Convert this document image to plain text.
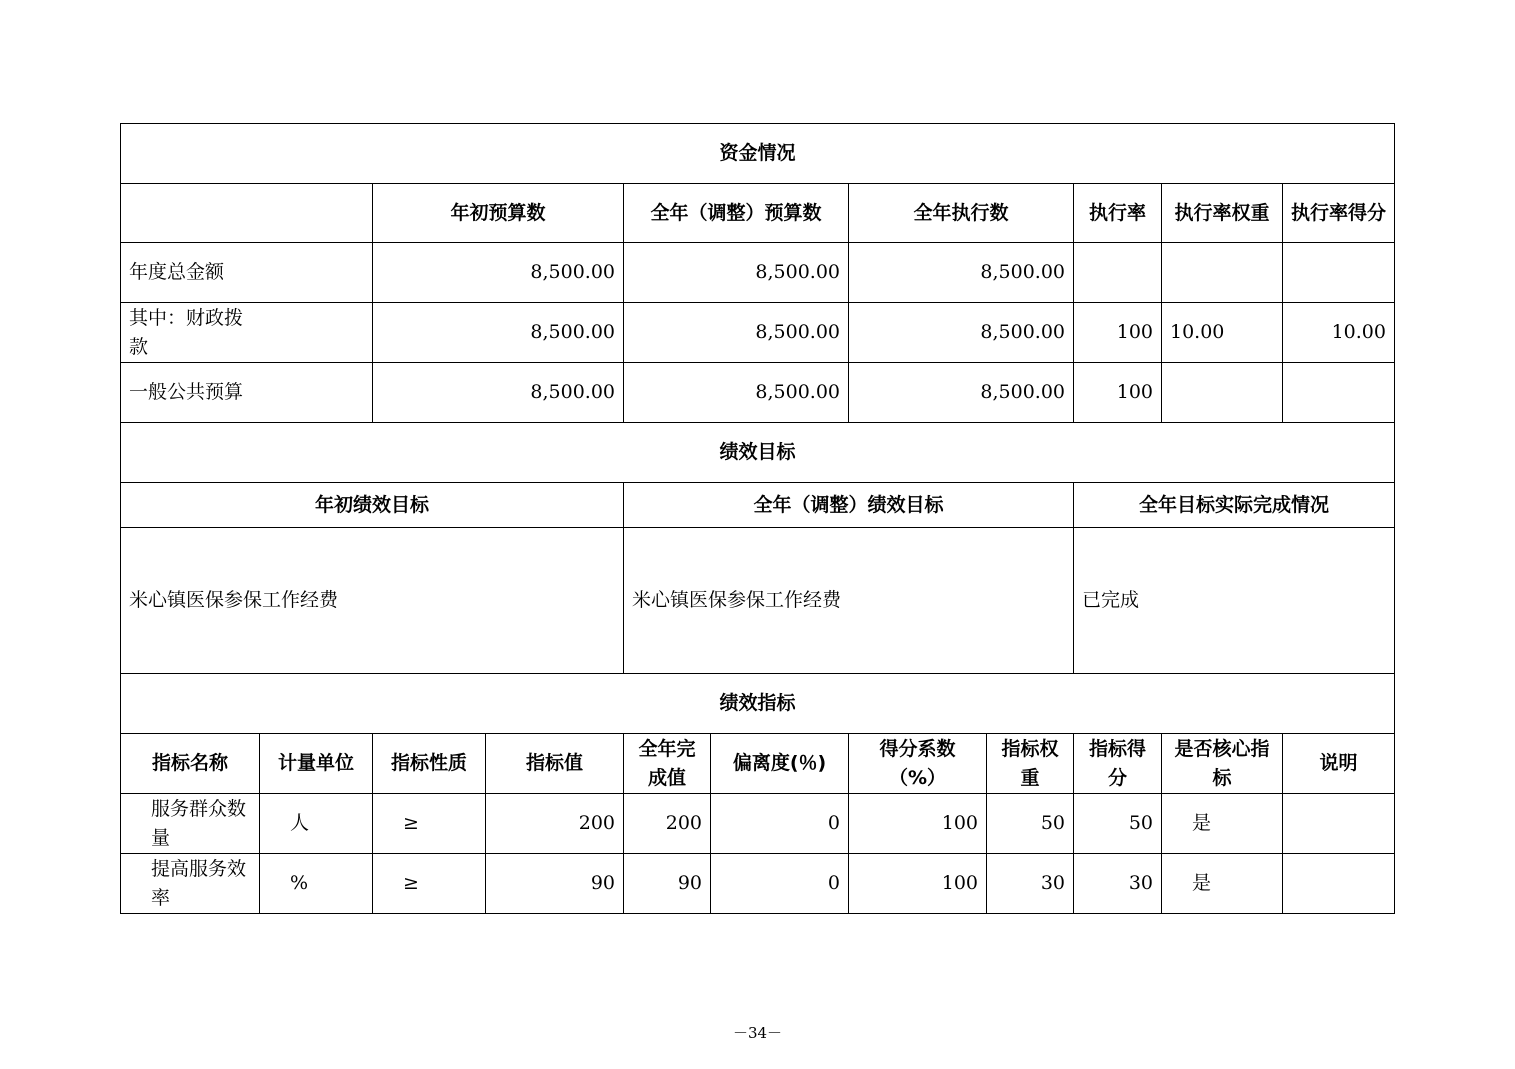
资金情况										
		年初预算数		全年（调整）预算数		全年执行数		执行率	执行率权重	执行率得分
年度总金额		8,500.00		8,500.00		8,500.00				
其中：财政拨款		8,500.00		8,500.00		8,500.00		100	10.00	10.00
一般公共预算		8,500.00		8,500.00		8,500.00		100		
绩效目标										
年初绩效目标				全年（调整）绩效目标				全年目标实际完成情况		
米心镇医保参保工作经费				米心镇医保参保工作经费				已完成		
绩效指标										
指标名称	计量单位	指标性质	指标值	全年完成值	偏离度(％)	得分系数（%）	指标权重	指标得分	是否核心指标	说明
服务群众数量	人	≥	200	200	0	100	50	50	是	
提高服务效率	%	≥	90	90	0	100	30	30	是	
－34－
